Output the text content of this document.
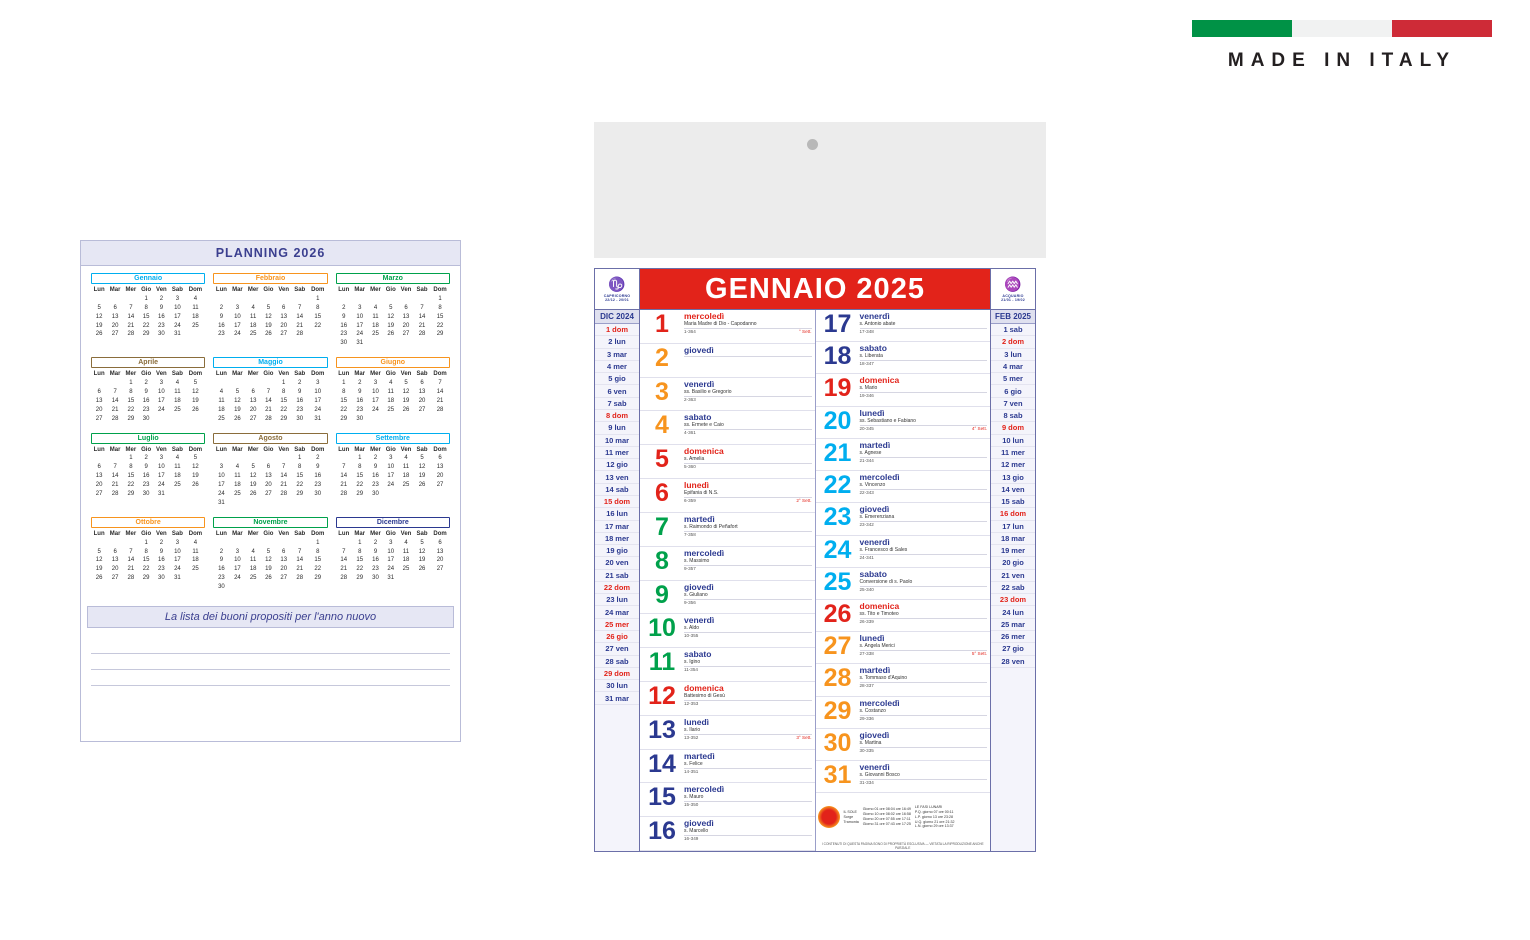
MADE IN ITALY
PLANNING 2026
Gennaio
Lun	Mar	Mer	Gio	Ven	Sab	Dom
			1	2	3	4
5	6	7	8	9	10	11
12	13	14	15	16	17	18
19	20	21	22	23	24	25
26	27	28	29	30	31	
Febbraio
Lun	Mar	Mer	Gio	Ven	Sab	Dom
						1
2	3	4	5	6	7	8
9	10	11	12	13	14	15
16	17	18	19	20	21	22
23	24	25	26	27	28	
Marzo
Lun	Mar	Mer	Gio	Ven	Sab	Dom
						1
2	3	4	5	6	7	8
9	10	11	12	13	14	15
16	17	18	19	20	21	22
23	24	25	26	27	28	29
30	31					
Aprile
Lun	Mar	Mer	Gio	Ven	Sab	Dom
		1	2	3	4	5
6	7	8	9	10	11	12
13	14	15	16	17	18	19
20	21	22	23	24	25	26
27	28	29	30			
Maggio
Lun	Mar	Mer	Gio	Ven	Sab	Dom
				1	2	3
4	5	6	7	8	9	10
11	12	13	14	15	16	17
18	19	20	21	22	23	24
25	26	27	28	29	30	31
Giugno
Lun	Mar	Mer	Gio	Ven	Sab	Dom
1	2	3	4	5	6	7
8	9	10	11	12	13	14
15	16	17	18	19	20	21
22	23	24	25	26	27	28
29	30					
Luglio
Lun	Mar	Mer	Gio	Ven	Sab	Dom
		1	2	3	4	5
6	7	8	9	10	11	12
13	14	15	16	17	18	19
20	21	22	23	24	25	26
27	28	29	30	31		
Agosto
Lun	Mar	Mer	Gio	Ven	Sab	Dom
					1	2
3	4	5	6	7	8	9
10	11	12	13	14	15	16
17	18	19	20	21	22	23
24	25	26	27	28	29	30
31						
Settembre
Lun	Mar	Mer	Gio	Ven	Sab	Dom
	1	2	3	4	5	6
7	8	9	10	11	12	13
14	15	16	17	18	19	20
21	22	23	24	25	26	27
28	29	30				
Ottobre
Lun	Mar	Mer	Gio	Ven	Sab	Dom
			1	2	3	4
5	6	7	8	9	10	11
12	13	14	15	16	17	18
19	20	21	22	23	24	25
26	27	28	29	30	31	
Novembre
Lun	Mar	Mer	Gio	Ven	Sab	Dom
						1
2	3	4	5	6	7	8
9	10	11	12	13	14	15
16	17	18	19	20	21	22
23	24	25	26	27	28	29
30						
Dicembre
Lun	Mar	Mer	Gio	Ven	Sab	Dom
	1	2	3	4	5	6
7	8	9	10	11	12	13
14	15	16	17	18	19	20
21	22	23	24	25	26	27
28	29	30	31			
La lista dei buoni propositi per l'anno nuovo
♑
CAPRICORNO
22/12 - 20/01	GENNAIO 2025	♒
ACQUARIO
21/01 - 19/02
DIC 2024
1 dom
2 lun
3 mar
4 mer
5 gio
6 ven
7 sab
8 dom
9 lun
10 mar
11 mer
12 gio
13 ven
14 sab
15 dom
16 lun
17 mar
18 mer
19 gio
20 ven
21 sab
22 dom
23 lun
24 mar
25 mer
26 gio
27 ven
28 sab
29 dom
30 lun
31 mar
1	mercoledì
Maria Madre di Dio - Capodanno
1-364	° Sett.
2	giovedì
3	venerdì
ss. Basilio e Gregorio
2-363
4	sabato
ss. Ermete e Caio
4-361
5	domenica
s. Amelia
5-360
6	lunedì
Epifania di N.S.
6-359	2° Sett.
7	martedì
s. Raimondo di Peñafort
7-358
8	mercoledì
s. Massimo
9-357
9	giovedì
s. Giuliano
9-356
10 venerdì
s. Aldo
10-355
11	sabato
s. Igino
11-354
12 domenica
Battesimo di Gesù
12-353
13 lunedì
s. Ilario
13-352	3° Sett.
14 martedì
s. Felice
14-351
15 mercoledì
s. Mauro
15-350
16 giovedì
s. Marcello
16-349
17 venerdì
s. Antonio abate
17-348
18 sabato
s. Liberata
18-347
19 domenica
s. Mario
19-346
20 lunedì
ss. Sebastiano e Fabiano
20-345	4° Sett.
21 martedì
s. Agnese
21-344
22 mercoledì
s. Vincenzo
22-343
23 giovedì
s. Emerenziana
23-342
24 venerdì
s. Francesco di Sales
24-341
25 sabato
Conversione di s. Paolo
25-340
26 domenica
ss. Tito e Timoteo
26-339
27 lunedì
s. Angela Merici
27-338	5° Sett.
28 martedì
s. Tommaso d'Aquino
28-337
29 mercoledì
s. Costanzo
29-336
30 giovedì
s. Martina
30-335
31 venerdì
s. Giovanni Bosco
31-334
IL SOLE
Sorge
Tramonta
Giorno 01 ore 08:04 ore 16:49
Giorno 10 ore 08:02 ore 16:58
Giorno 20 ore 07:55 ore 17:11
Giorno 31 ore 07:43 ore 17:25
LE FASI LUNARI
P.Q. giorno 07 ore 00:11
L.P. giorno 13 ore 23:28
U.Q. giorno 21 ore 21:32
L.N. giorno 29 ore 13:37
I CONTENUTI DI QUESTA PAGINA SONO DI PROPRIETÀ ESCLUSIVA — VIETATA LA RIPRODUZIONE ANCHE PARZIALE
FEB 2025
1 sab
2 dom
3 lun
4 mar
5 mer
6 gio
7 ven
8 sab
9 dom
10 lun
11 mer
12 mer
13 gio
14 ven
15 sab
16 dom
17 lun
18 mar
19 mer
20 gio
21 ven
22 sab
23 dom
24 lun
25 mar
26 mer
27 gio
28 ven
